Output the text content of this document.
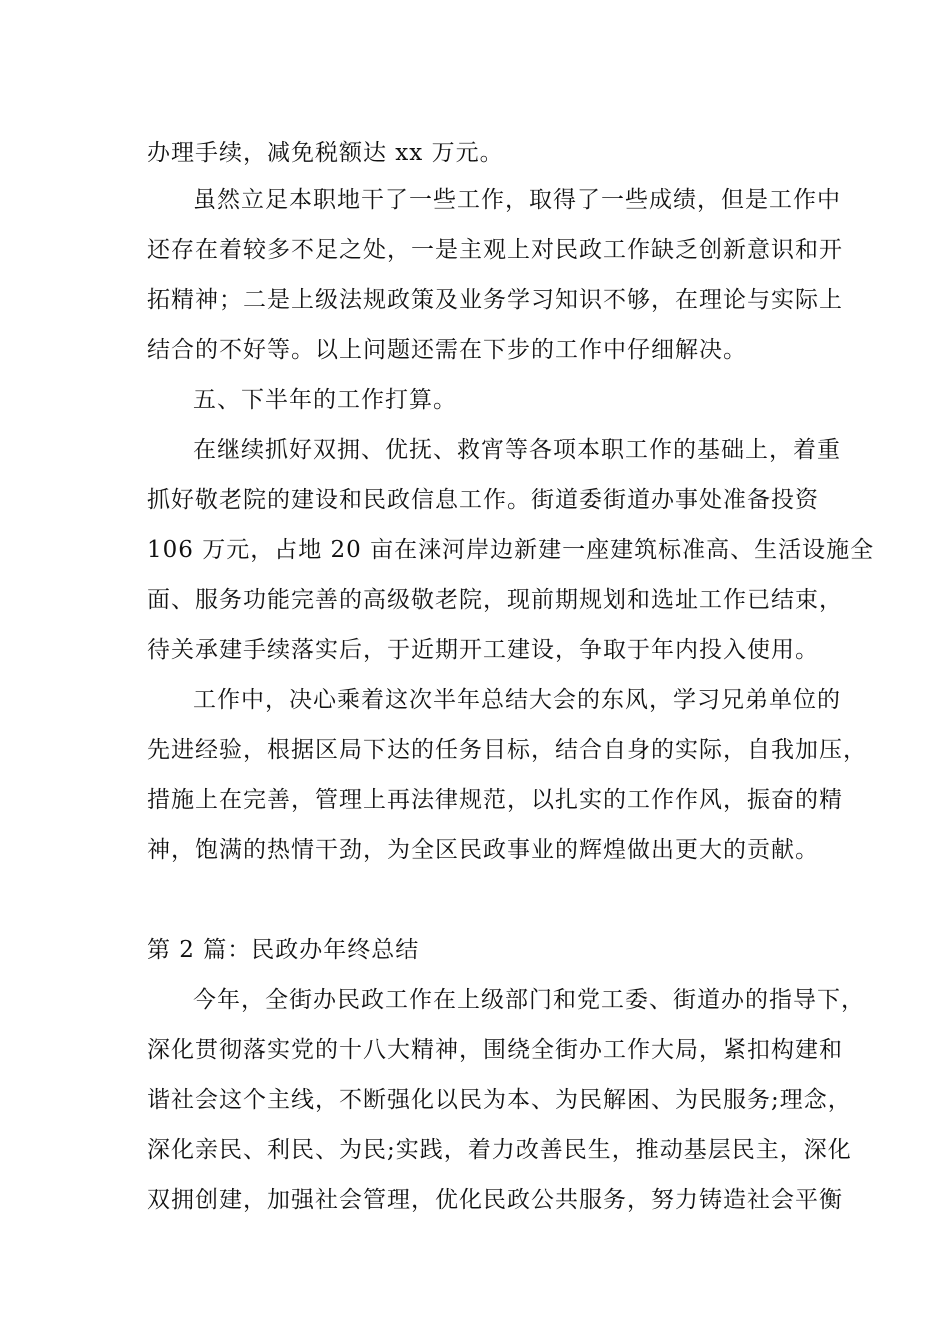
办理手续，减免税额达 xx 万元。
虽然立足本职地干了一些工作，取得了一些成绩，但是工作中
还存在着较多不足之处，一是主观上对民政工作缺乏创新意识和开
拓精神；二是上级法规政策及业务学习知识不够，在理论与实际上
结合的不好等。以上问题还需在下步的工作中仔细解决。
五、下半年的工作打算。
在继续抓好双拥、优抚、救宵等各项本职工作的基础上，着重
抓好敬老院的建设和民政信息工作。街道委街道办事处准备投资
106 万元，占地 20 亩在涞河岸边新建一座建筑标准高、生活设施全
面、服务功能完善的高级敬老院，现前期规划和选址工作已结束，
待关承建手续落实后，于近期开工建设，争取于年内投入使用。
工作中，决心乘着这次半年总结大会的东风，学习兄弟单位的
先进经验，根据区局下达的任务目标，结合自身的实际，自我加压，
措施上在完善，管理上再法律规范，以扎实的工作作风，振奋的精
神，饱满的热情干劲，为全区民政事业的辉煌做出更大的贡献。
第 2 篇：民政办年终总结
今年，全街办民政工作在上级部门和党工委、街道办的指导下，
深化贯彻落实党的十八大精神，围绕全街办工作大局，紧扣构建和
谐社会这个主线，不断强化以民为本、为民解困、为民服务;理念，
深化亲民、利民、为民;实践，着力改善民生，推动基层民主，深化
双拥创建，加强社会管理，优化民政公共服务，努力铸造社会平衡
